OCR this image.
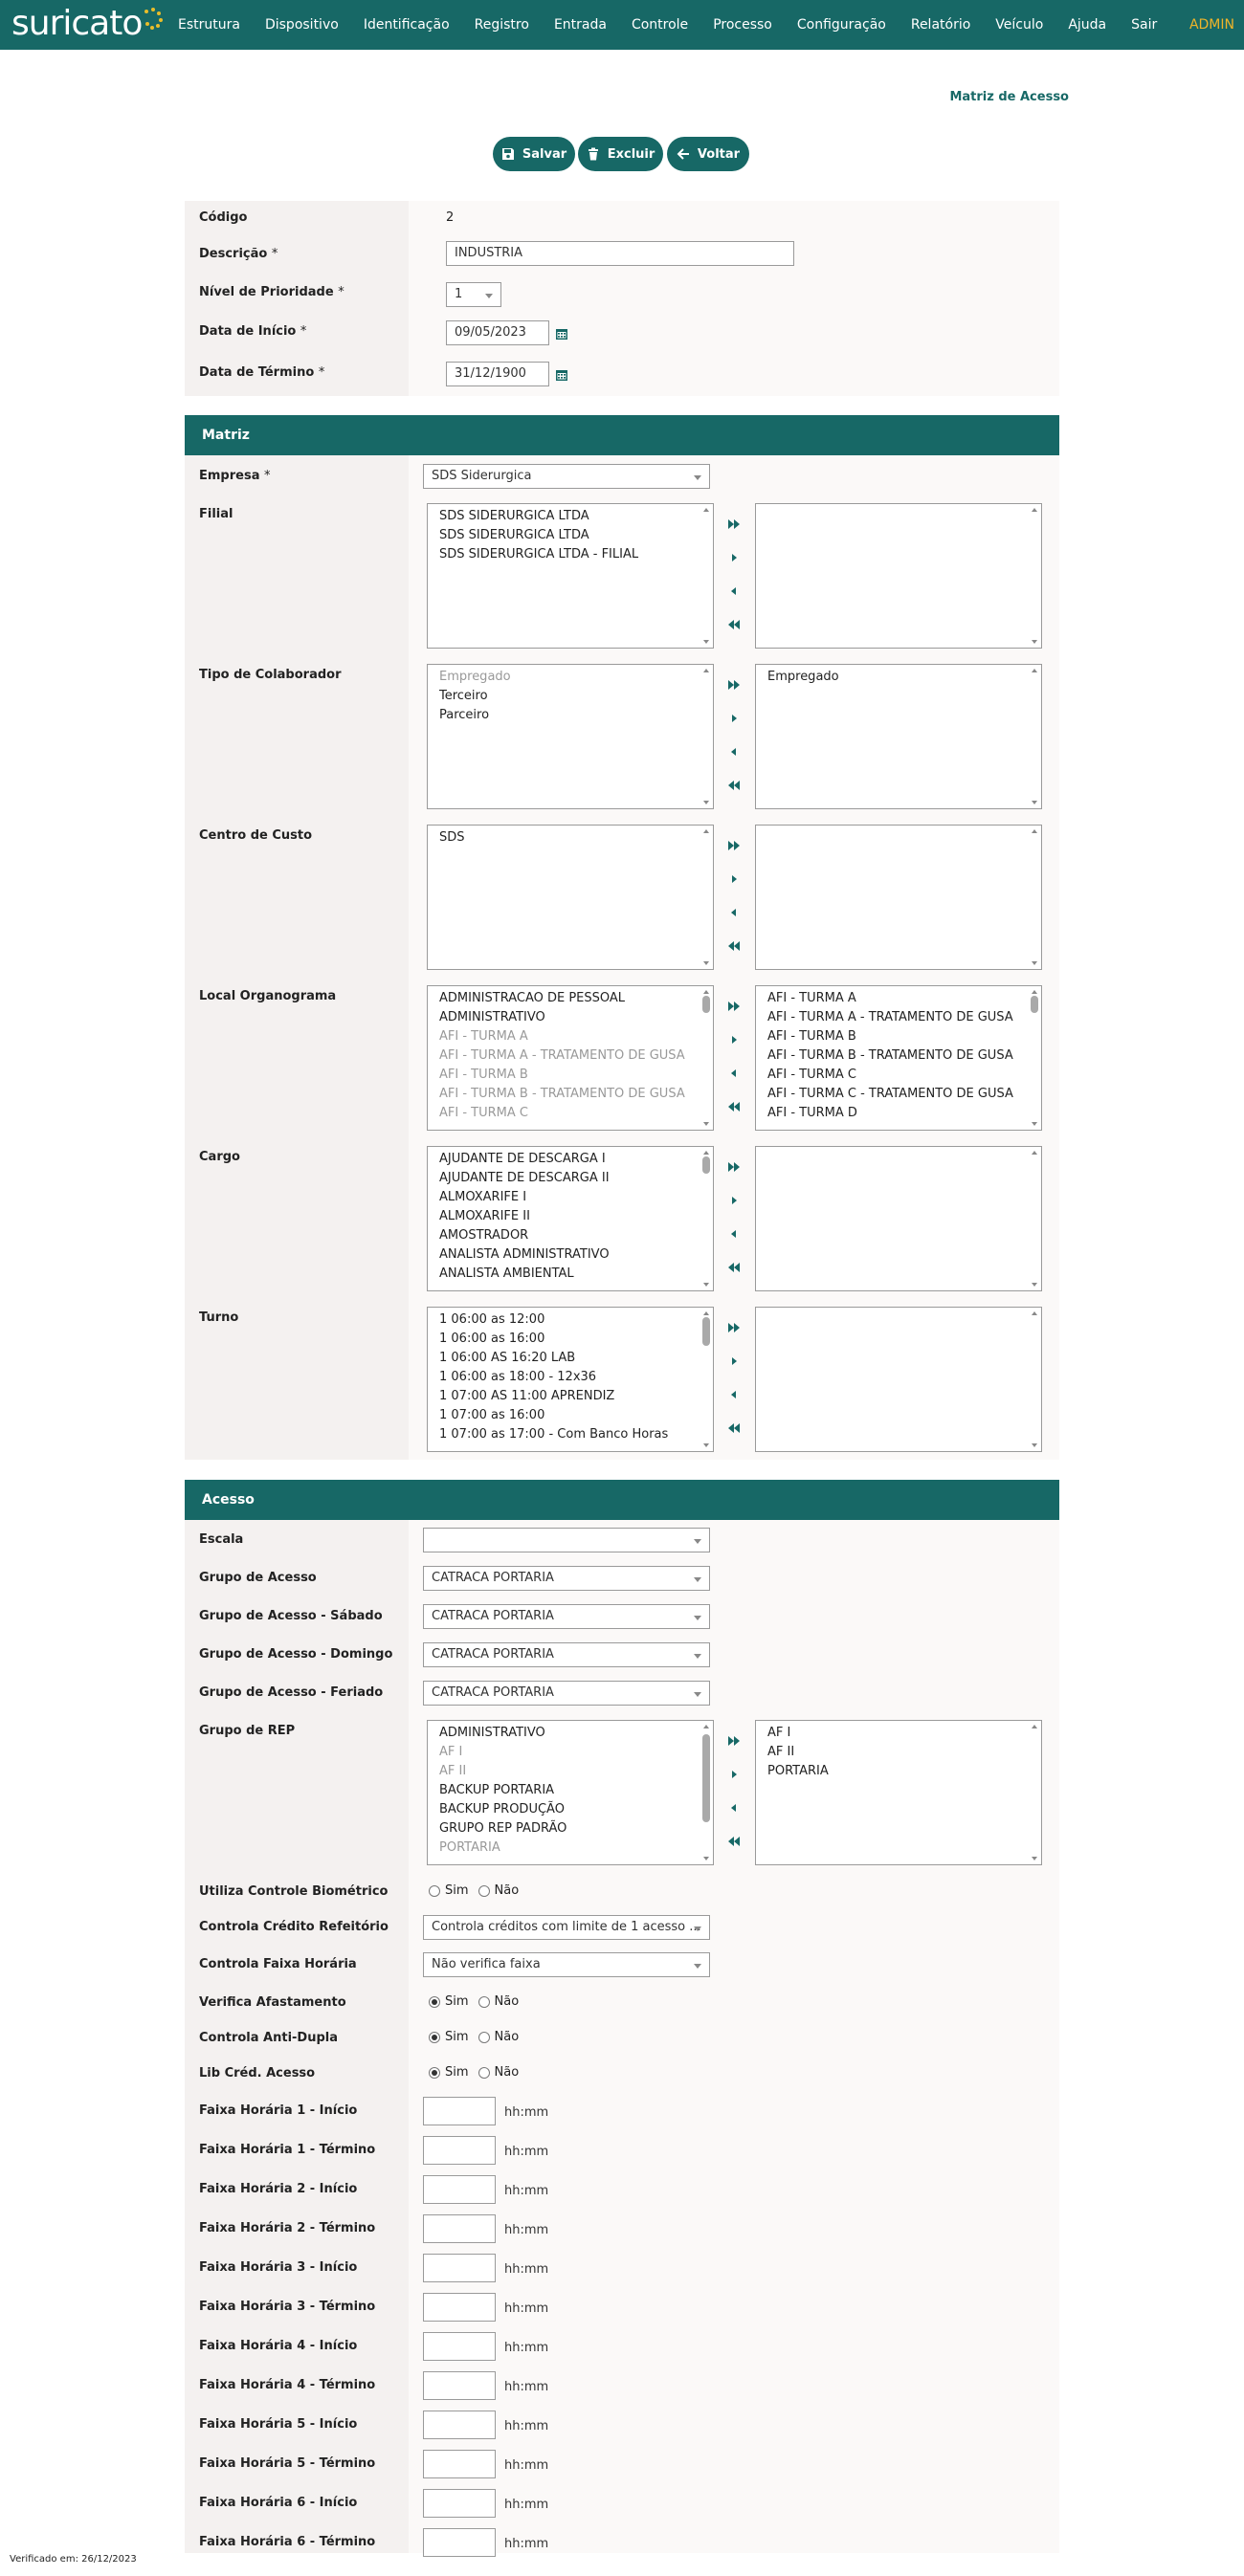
suricato	Estrutura Dispositivo Identificação Registro Entrada Controle Processo Configuração Relatório Veículo Ajuda Sair ADMIN
Matriz de Acesso
Salvar	Excluir	Voltar
Código	2
Descrição *	INDUSTRIA
Nível de Prioridade *	1
Data de Início *	09/05/2023
Data de Término *	31/12/1900
Matriz
Empresa *	SDS Siderurgica
Filial	SDS SIDERURGICA LTDA
SDS SIDERURGICA LTDA
SDS SIDERURGICA LTDA - FILIAL
Tipo de Colaborador	Empregado
Terceiro
Parceiro
Empregado
Centro de Custo	SDS
Local Organograma	ADMINISTRACAO DE PESSOAL
ADMINISTRATIVO
AFI - TURMA A
AFI - TURMA A - TRATAMENTO DE GUSA
AFI - TURMA B
AFI - TURMA B - TRATAMENTO DE GUSA
AFI - TURMA C
AFI - TURMA A
AFI - TURMA A - TRATAMENTO DE GUSA
AFI - TURMA B
AFI - TURMA B - TRATAMENTO DE GUSA
AFI - TURMA C
AFI - TURMA C - TRATAMENTO DE GUSA
AFI - TURMA D
Cargo	AJUDANTE DE DESCARGA I
AJUDANTE DE DESCARGA II
ALMOXARIFE I
ALMOXARIFE II
AMOSTRADOR
ANALISTA ADMINISTRATIVO
ANALISTA AMBIENTAL
Turno	1 06:00 as 12:00
1 06:00 as 16:00
1 06:00 AS 16:20 LAB
1 06:00 as 18:00 - 12x36
1 07:00 AS 11:00 APRENDIZ
1 07:00 as 16:00
1 07:00 as 17:00 - Com Banco Horas
Acesso
Escala
Grupo de Acesso	CATRACA PORTARIA
Grupo de Acesso - Sábado	CATRACA PORTARIA
Grupo de Acesso - Domingo	CATRACA PORTARIA
Grupo de Acesso - Feriado	CATRACA PORTARIA
Grupo de REP	ADMINISTRATIVO
AF I
AF II
BACKUP PORTARIA
BACKUP PRODUÇÃO
GRUPO REP PADRÃO
PORTARIA
AF I
AF II
PORTARIA
Utiliza Controle Biométrico	Sim Não
Controla Crédito Refeitório	Controla créditos com limite de 1 acesso ...
Controla Faixa Horária	Não verifica faixa
Verifica Afastamento	Sim Não
Controla Anti-Dupla	Sim Não
Lib Créd. Acesso	Sim Não
Faixa Horária 1 - Início	hh:mm
Faixa Horária 1 - Término	hh:mm
Faixa Horária 2 - Início	hh:mm
Faixa Horária 2 - Término	hh:mm
Faixa Horária 3 - Início	hh:mm
Faixa Horária 3 - Término	hh:mm
Faixa Horária 4 - Início	hh:mm
Faixa Horária 4 - Término	hh:mm
Faixa Horária 5 - Início	hh:mm
Faixa Horária 5 - Término	hh:mm
Faixa Horária 6 - Início	hh:mm
Faixa Horária 6 - Término	hh:mm
Verificado em: 26/12/2023
